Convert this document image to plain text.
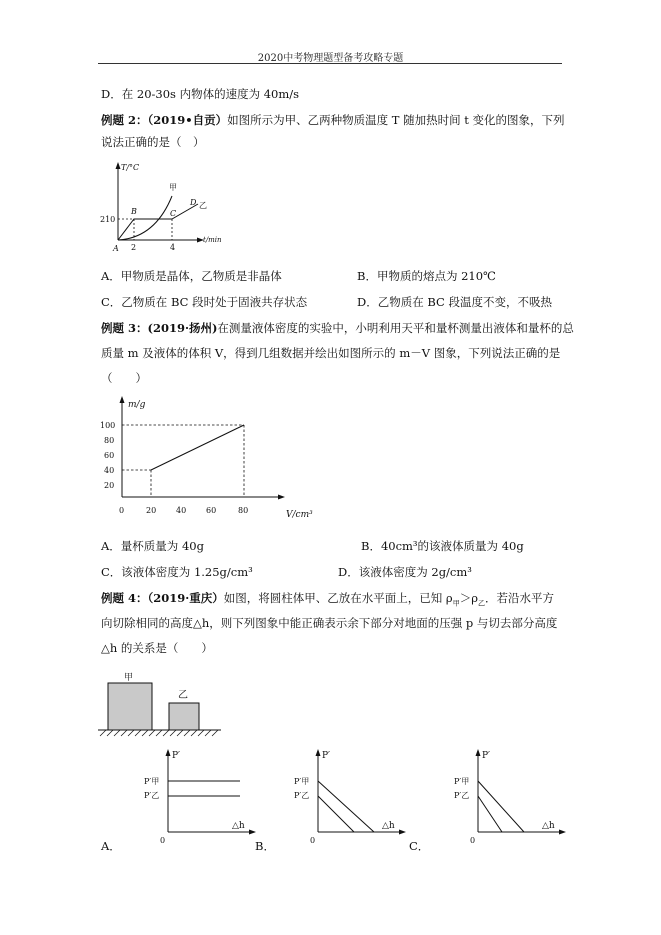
2020中考物理题型备考攻略专题
D．在 20-30s 内物体的速度为 40m/s
例题 2：（2019•自贡）如图所示为甲、乙两种物质温度 T 随加热时间 t 变化的图象，下列
说法正确的是（　）
T/°C
t/min
210
2	4
A
B	C
D
甲
乙
A．甲物质是晶体，乙物质是非晶体	B．甲物质的熔点为 210℃
C．乙物质在 BC 段时处于固液共存状态	D．乙物质在 BC 段温度不变，不吸热
例题 3：(2019·扬州)在测量液体密度的实验中，小明利用天平和量杯测量出液体和量杯的总
质量 m 及液体的体积 V，得到几组数据并绘出如图所示的 m－V 图象，下列说法正确的是
（　　）
m/g
V/cm³
100
80
60
40
20
0	20 40 60	80
A．量杯质量为 40g	B．40cm³的该液体质量为 40g
C．该液体密度为 1.25g/cm³	D．该液体密度为 2g/cm³
例题 4：（2019·重庆）如图，将圆柱体甲、乙放在水平面上，已知 $\rho_甲>\rho_乙$．若沿水平方
向切除相同的高度△h，则下列图象中能正确表示余下部分对地面的压强 p 与切去部分高度
△h 的关系是（　　）
甲
乙
P′
P′甲
P′乙
△h
0
A．
P′
P′甲
P′乙
△h
0
B．
P′
P′甲
P′乙
△h
0
C．
